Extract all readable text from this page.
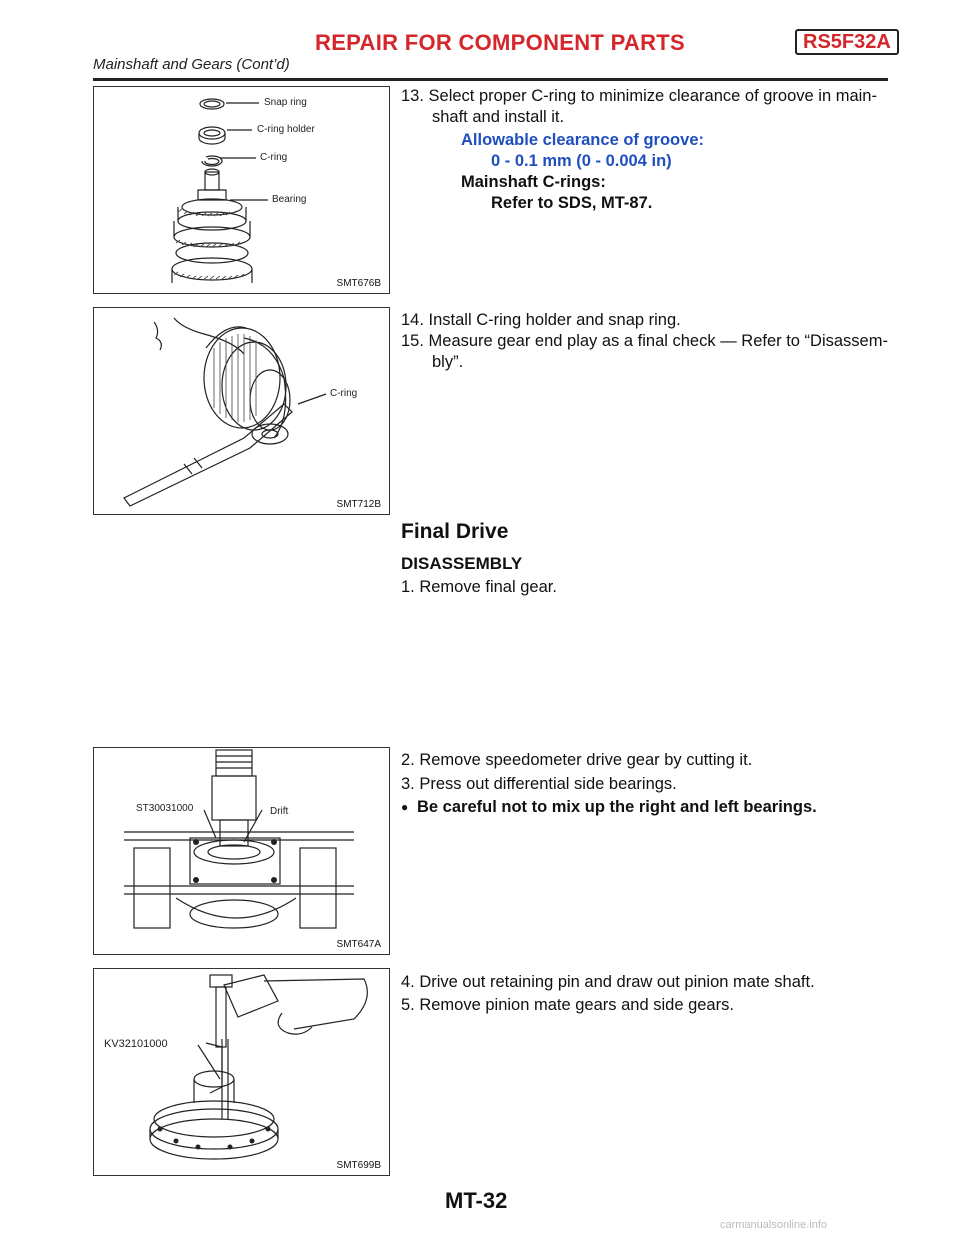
REPAIR FOR COMPONENT PARTS	RS5F32A
Mainshaft and Gears (Cont’d)
Snap ring
C-ring holder
C-ring
Bearing
SMT676B
13. Select proper C-ring to minimize clearance of groove in main-
shaft and install it.
Allowable clearance of groove:
0 - 0.1 mm (0 - 0.004 in)
Mainshaft C-rings:
Refer to SDS, MT-87.
C-ring
SMT712B
14. Install C-ring holder and snap ring.
15. Measure gear end play as a final check — Refer to “Disassem-
bly”.
Final Drive
DISASSEMBLY
1. Remove final gear.
ST30031000	Drift
SMT647A
2. Remove speedometer drive gear by cutting it.
3. Press out differential side bearings.
● Be careful not to mix up the right and left bearings.
KV32101000
SMT699B
4. Drive out retaining pin and draw out pinion mate shaft.
5. Remove pinion mate gears and side gears.
MT-32
carmanualsonline.info
